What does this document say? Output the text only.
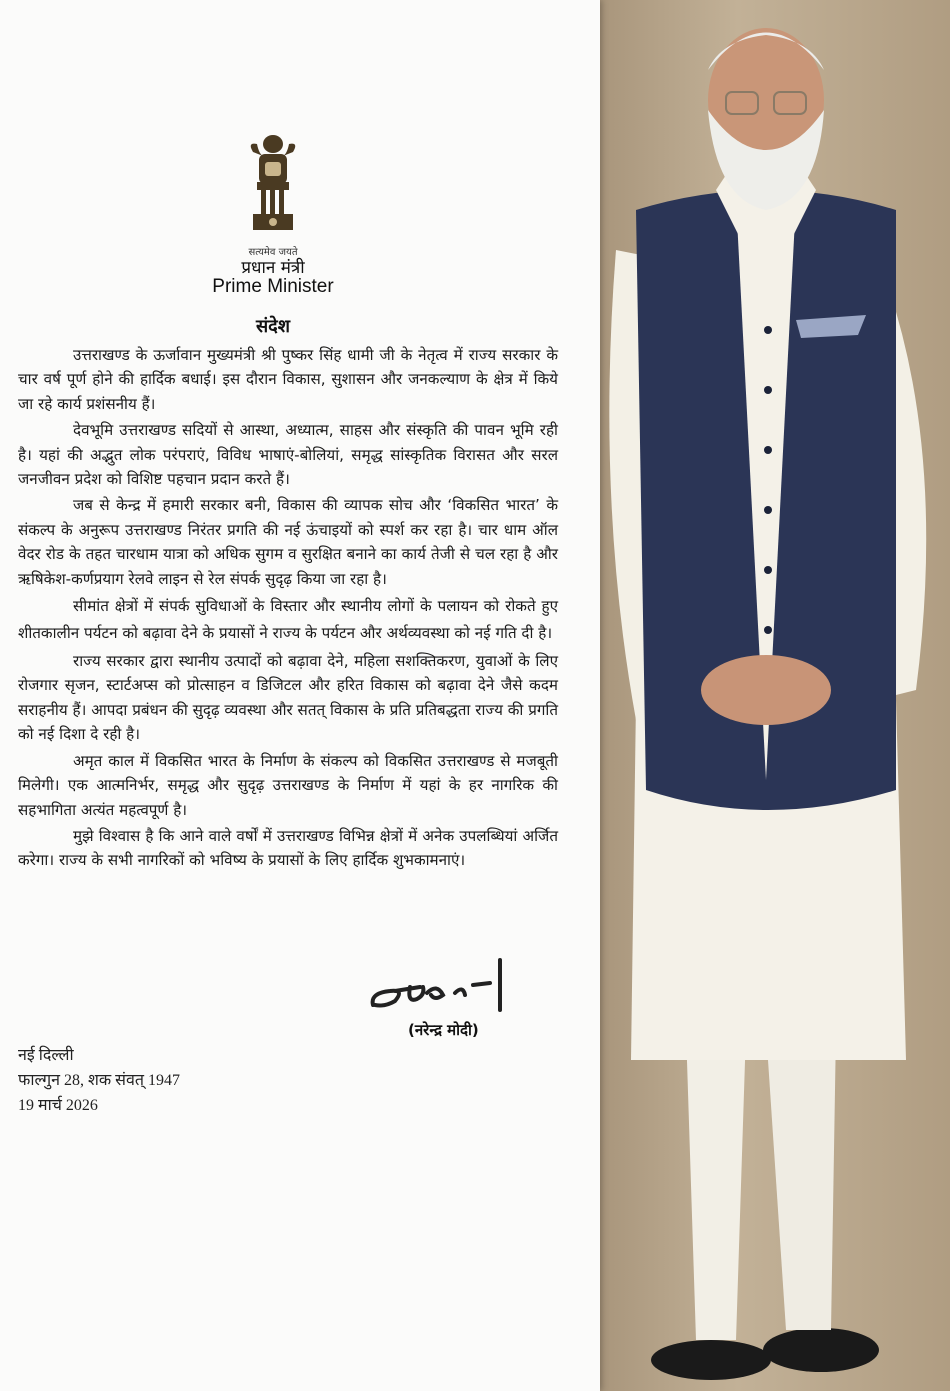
सत्यमेव जयते
प्रधान मंत्री
Prime Minister
संदेश

उत्तराखण्ड के ऊर्जावान मुख्यमंत्री श्री पुष्कर सिंह धामी जी के नेतृत्व में राज्य सरकार के चार वर्ष पूर्ण होने की हार्दिक बधाई। इस दौरान विकास, सुशासन और जनकल्याण के क्षेत्र में किये जा रहे कार्य प्रशंसनीय हैं।

देवभूमि उत्तराखण्ड सदियों से आस्था, अध्यात्म, साहस और संस्कृति की पावन भूमि रही है। यहां की अद्भुत लोक परंपराएं, विविध भाषाएं-बोलियां, समृद्ध सांस्कृतिक विरासत और सरल जनजीवन प्रदेश को विशिष्ट पहचान प्रदान करते हैं।

जब से केन्द्र में हमारी सरकार बनी, विकास की व्यापक सोच और ‘विकसित भारत’ के संकल्प के अनुरूप उत्तराखण्ड निरंतर प्रगति की नई ऊंचाइयों को स्पर्श कर रहा है। चार धाम ऑल वेदर रोड के तहत चारधाम यात्रा को अधिक सुगम व सुरक्षित बनाने का कार्य तेजी से चल रहा है और ऋषिकेश-कर्णप्रयाग रेलवे लाइन से रेल संपर्क सुदृढ़ किया जा रहा है।

सीमांत क्षेत्रों में संपर्क सुविधाओं के विस्तार और स्थानीय लोगों के पलायन को रोकते हुए शीतकालीन पर्यटन को बढ़ावा देने के प्रयासों ने राज्य के पर्यटन और अर्थव्यवस्था को नई गति दी है।

राज्य सरकार द्वारा स्थानीय उत्पादों को बढ़ावा देने, महिला सशक्तिकरण, युवाओं के लिए रोजगार सृजन, स्टार्टअप्स को प्रोत्साहन व डिजिटल और हरित विकास को बढ़ावा देने जैसे कदम सराहनीय हैं। आपदा प्रबंधन की सुदृढ़ व्यवस्था और सतत् विकास के प्रति प्रतिबद्धता राज्य की प्रगति को नई दिशा दे रही है।

अमृत काल में विकसित भारत के निर्माण के संकल्प को विकसित उत्तराखण्ड से मजबूती मिलेगी। एक आत्मनिर्भर, समृद्ध और सुदृढ़ उत्तराखण्ड के निर्माण में यहां के हर नागरिक की सहभागिता अत्यंत महत्वपूर्ण है।

मुझे विश्वास है कि आने वाले वर्षों में उत्तराखण्ड विभिन्न क्षेत्रों में अनेक उपलब्धियां अर्जित करेगा। राज्य के सभी नागरिकों को भविष्य के प्रयासों के लिए हार्दिक शुभकामनाएं।

(नरेन्द्र मोदी)
नई दिल्ली
फाल्गुन 28, शक संवत् 1947
19 मार्च 2026
